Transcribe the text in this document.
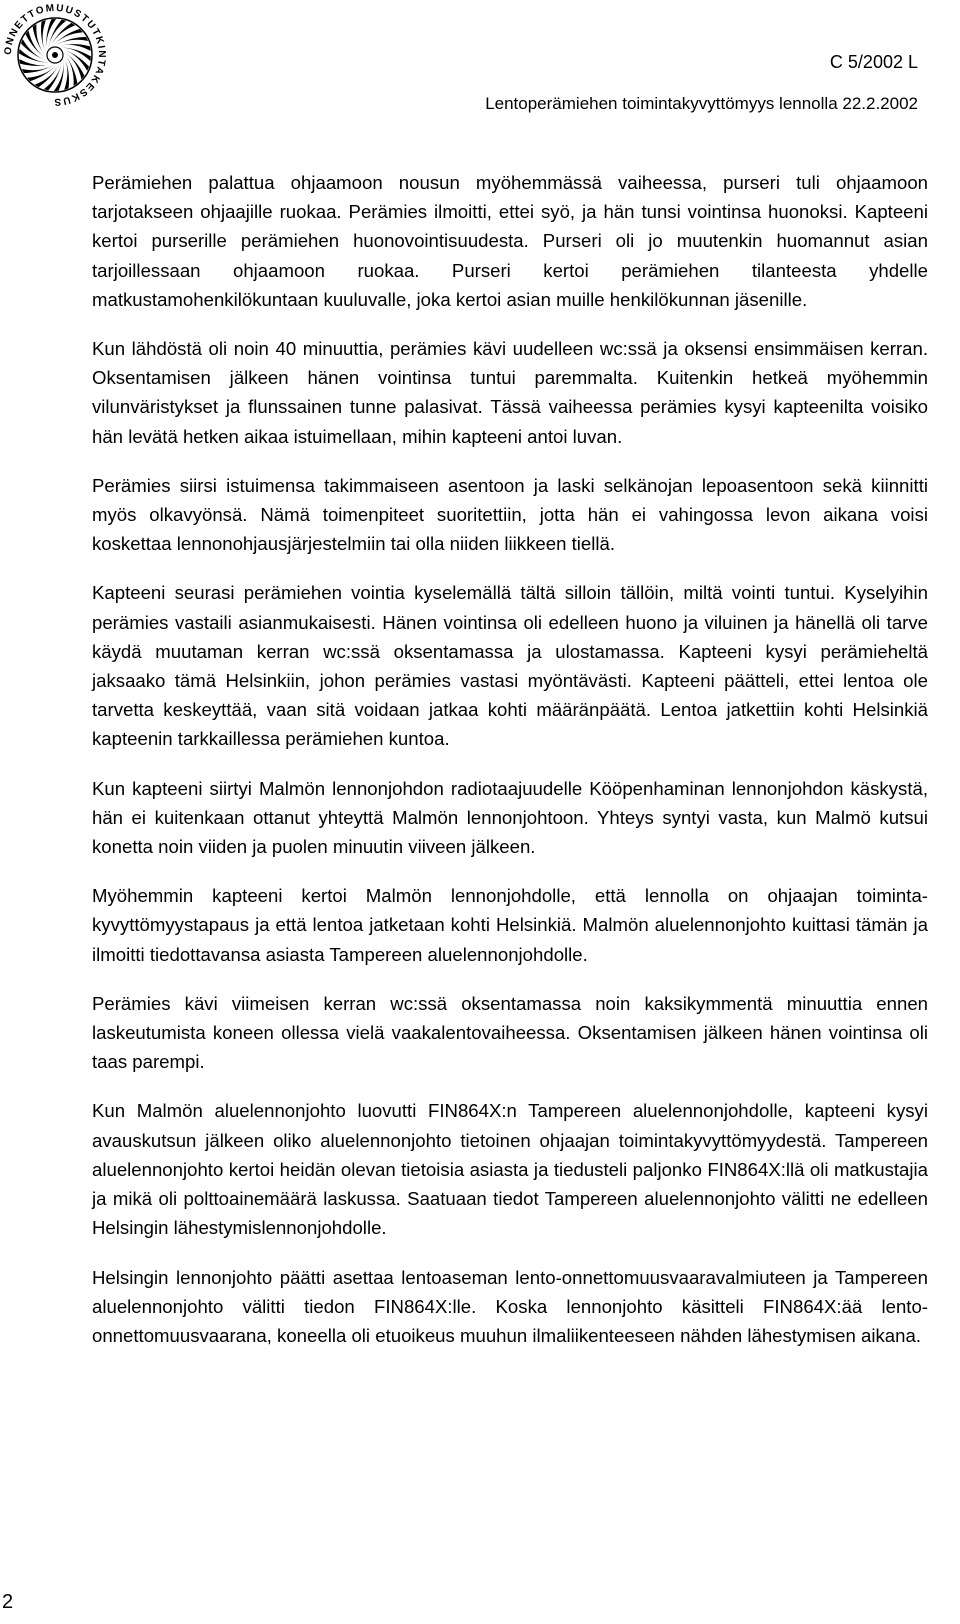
ONNETTOMUUSTUTKINTAKESKUS
C 5/2002 L
Lentoperämiehen toimintakyvyttömyys lennolla 22.2.2002

Perämiehen palattua ohjaamoon nousun myöhemmässä vaiheessa, purseri tuli ohjaamoon tarjotakseen ohjaajille ruokaa. Perämies ilmoitti, ettei syö, ja hän tunsi vointinsa huonoksi. Kapteeni kertoi purserille perämiehen huonovointisuudesta. Purseri oli jo muutenkin huomannut asian tarjoillessaan ohjaamoon ruokaa. Purseri kertoi perämiehen tilanteesta yhdelle matkustamohenkilökuntaan kuuluvalle, joka kertoi asian muille henkilökunnan jäsenille.

Kun lähdöstä oli noin 40 minuuttia, perämies kävi uudelleen wc:ssä ja oksensi ensimmäisen kerran. Oksentamisen jälkeen hänen vointinsa tuntui paremmalta. Kuitenkin hetkeä myöhemmin vilunväristykset ja flunssainen tunne palasivat. Tässä vaiheessa perämies kysyi kapteenilta voisiko hän levätä hetken aikaa istuimellaan, mihin kapteeni antoi luvan.

Perämies siirsi istuimensa takimmaiseen asentoon ja laski selkänojan lepoasentoon sekä kiinnitti myös olkavyönsä. Nämä toimenpiteet suoritettiin, jotta hän ei vahingossa levon aikana voisi koskettaa lennonohjausjärjestelmiin tai olla niiden liikkeen tiellä.

Kapteeni seurasi perämiehen vointia kyselemällä tältä silloin tällöin, miltä vointi tuntui. Kyselyihin perämies vastaili asianmukaisesti. Hänen vointinsa oli edelleen huono ja viluinen ja hänellä oli tarve käydä muutaman kerran wc:ssä oksentamassa ja ulostamassa. Kapteeni kysyi perämieheltä jaksaako tämä Helsinkiin, johon perämies vastasi myöntävästi. Kapteeni päätteli, ettei lentoa ole tarvetta keskeyttää, vaan sitä voidaan jatkaa kohti määränpäätä. Lentoa jatkettiin kohti Helsinkiä kapteenin tarkkaillessa perämiehen kuntoa.

Kun kapteeni siirtyi Malmön lennonjohdon radiotaajuudelle Kööpenhaminan lennonjohdon käskystä, hän ei kuitenkaan ottanut yhteyttä Malmön lennonjohtoon. Yhteys syntyi vasta, kun Malmö kutsui konetta noin viiden ja puolen minuutin viiveen jälkeen.

Myöhemmin kapteeni kertoi Malmön lennonjohdolle, että lennolla on ohjaajan toimintakyvyttömyystapaus ja että lentoa jatketaan kohti Helsinkiä. Malmön aluelennonjohto kuittasi tämän ja ilmoitti tiedottavansa asiasta Tampereen aluelennonjohdolle.

Perämies kävi viimeisen kerran wc:ssä oksentamassa noin kaksikymmentä minuuttia ennen laskeutumista koneen ollessa vielä vaakalentovaiheessa. Oksentamisen jälkeen hänen vointinsa oli taas parempi.

Kun Malmön aluelennonjohto luovutti FIN864X:n Tampereen aluelennonjohdolle, kapteeni kysyi avauskutsun jälkeen oliko aluelennonjohto tietoinen ohjaajan toimintakyvyttömyydestä. Tampereen aluelennonjohto kertoi heidän olevan tietoisia asiasta ja tiedusteli paljonko FIN864X:llä oli matkustajia ja mikä oli polttoainemäärä laskussa. Saatuaan tiedot Tampereen aluelennonjohto välitti ne edelleen Helsingin lähestymislennonjohdolle.

Helsingin lennonjohto päätti asettaa lentoaseman lento-onnettomuusvaaravalmiuteen ja Tampereen aluelennonjohto välitti tiedon FIN864X:lle. Koska lennonjohto käsitteli FIN864X:ää lento-onnettomuusvaarana, koneella oli etuoikeus muuhun ilmaliikenteeseen nähden lähestymisen aikana.

2
